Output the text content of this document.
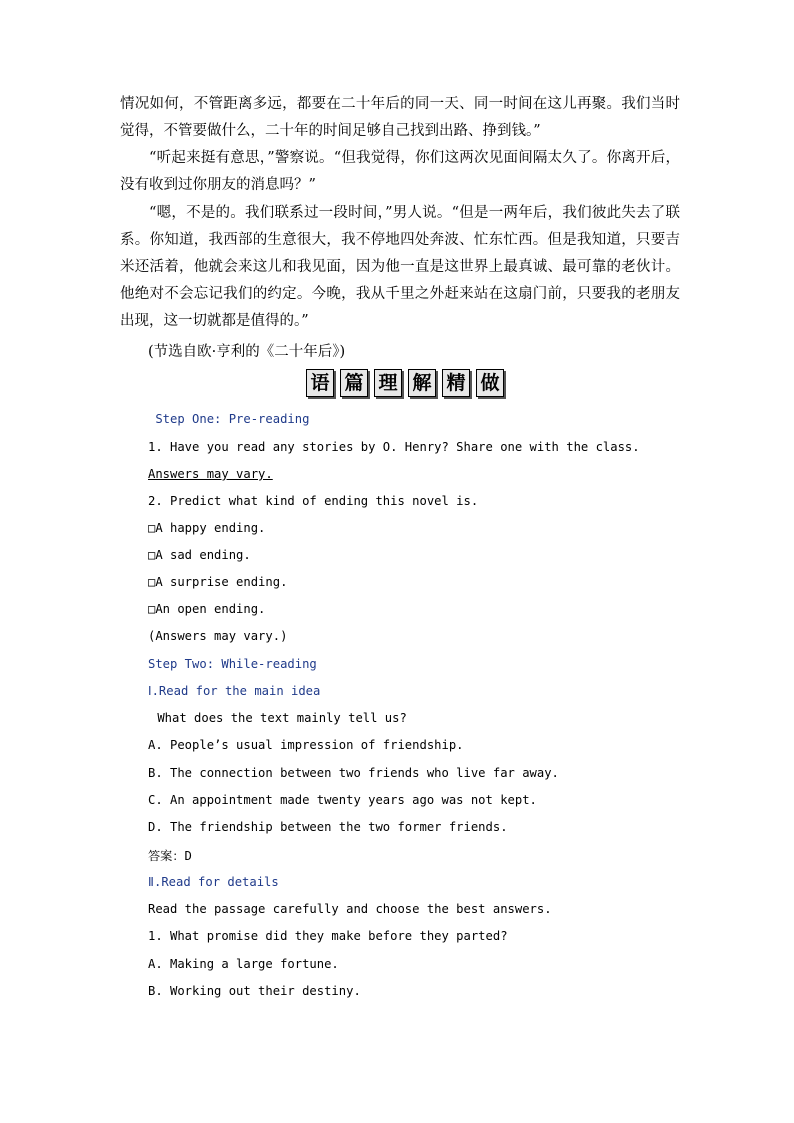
情况如何，不管距离多远，都要在二十年后的同一天、同一时间在这儿再聚。我们当时觉得，不管要做什么，二十年的时间足够自己找到出路、挣到钱。”

“听起来挺有意思，”警察说。“但我觉得，你们这两次见面间隔太久了。你离开后，没有收到过你朋友的消息吗？”

“嗯，不是的。我们联系过一段时间，”男人说。“但是一两年后，我们彼此失去了联系。你知道，我西部的生意很大，我不停地四处奔波、忙东忙西。但是我知道，只要吉米还活着，他就会来这儿和我见面，因为他一直是这世界上最真诚、最可靠的老伙计。他绝对不会忘记我们的约定。今晚，我从千里之外赶来站在这扇门前，只要我的老朋友出现，这一切就都是值得的。”

(节选自欧·亨利的《二十年后》)
语 篇 理 解 精 做
Step One: Pre-reading
1. Have you read any stories by O. Henry? Share one with the class.
Answers may vary.
2. Predict what kind of ending this novel is.
□A happy ending.
□A sad ending.
□A surprise ending.
□An open ending.
(Answers may vary.)
Step Two: While-reading
Ⅰ.Read for the main idea
What does the text mainly tell us?
A. People’s usual impression of friendship.
B. The connection between two friends who live far away.
C. An appointment made twenty years ago was not kept.
D. The friendship between the two former friends.
答案：D
Ⅱ.Read for details
Read the passage carefully and choose the best answers.
1. What promise did they make before they parted?
A. Making a large fortune.
B. Working out their destiny.
